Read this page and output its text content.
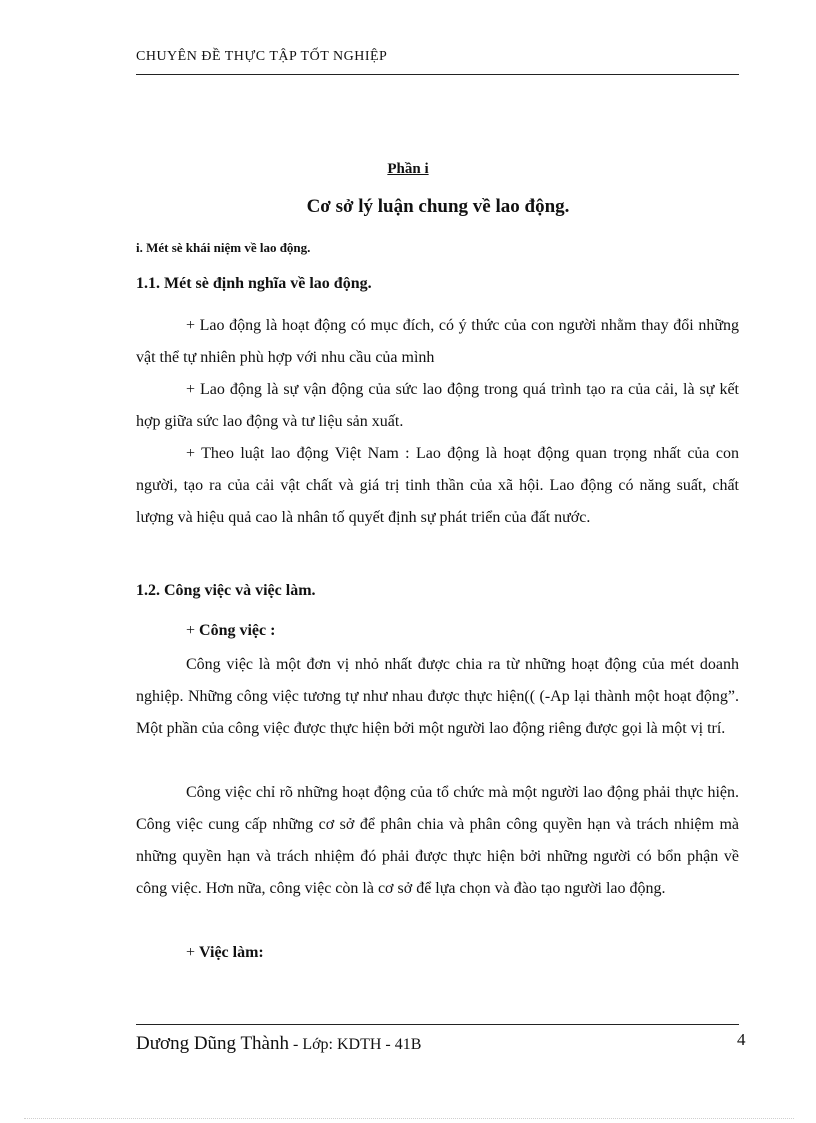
CHUYÊN ĐỀ THỰC TẬP TỐT NGHIỆP
Phần i
Cơ sở lý luận chung về lao động.
i. Mét sè khái niệm về lao động.
1.1. Mét sè định nghĩa về lao động.

+ Lao động là hoạt động có mục đích, có ý thức của con người nhằm thay đổi những vật thể tự nhiên phù hợp với nhu cầu của mình

+ Lao động là sự vận động của sức lao động trong quá trình tạo ra của cải, là sự kết hợp giữa sức lao động và tư liệu sản xuất.

+ Theo luật lao động Việt Nam : Lao động là hoạt động quan trọng nhất của con người, tạo ra của cải vật chất và giá trị tinh thần của xã hội. Lao động có năng suất, chất lượng và hiệu quả cao là nhân tố quyết định sự phát triển của đất nước.

1.2. Công việc và việc làm.
+ Công việc :

Công việc là một đơn vị nhỏ nhất được chia ra từ những hoạt động của mét doanh nghiệp. Những công việc tương tự như nhau được thực hiện(( (-Ap lại thành một hoạt động”. Một phần của công việc được thực hiện bởi một người lao động riêng được gọi là một vị trí.

Công việc chỉ rõ những hoạt động của tổ chức mà một người lao động phải thực hiện. Công việc cung cấp những cơ sở để phân chia và phân công quyền hạn và trách nhiệm mà những quyền hạn và trách nhiệm đó phải được thực hiện bởi những người có bổn phận về công việc. Hơn nữa, công việc còn là cơ sở để lựa chọn và đào tạo người lao động.

+ Việc làm:
Dương Dũng Thành - Lớp: KDTH - 41B	4
